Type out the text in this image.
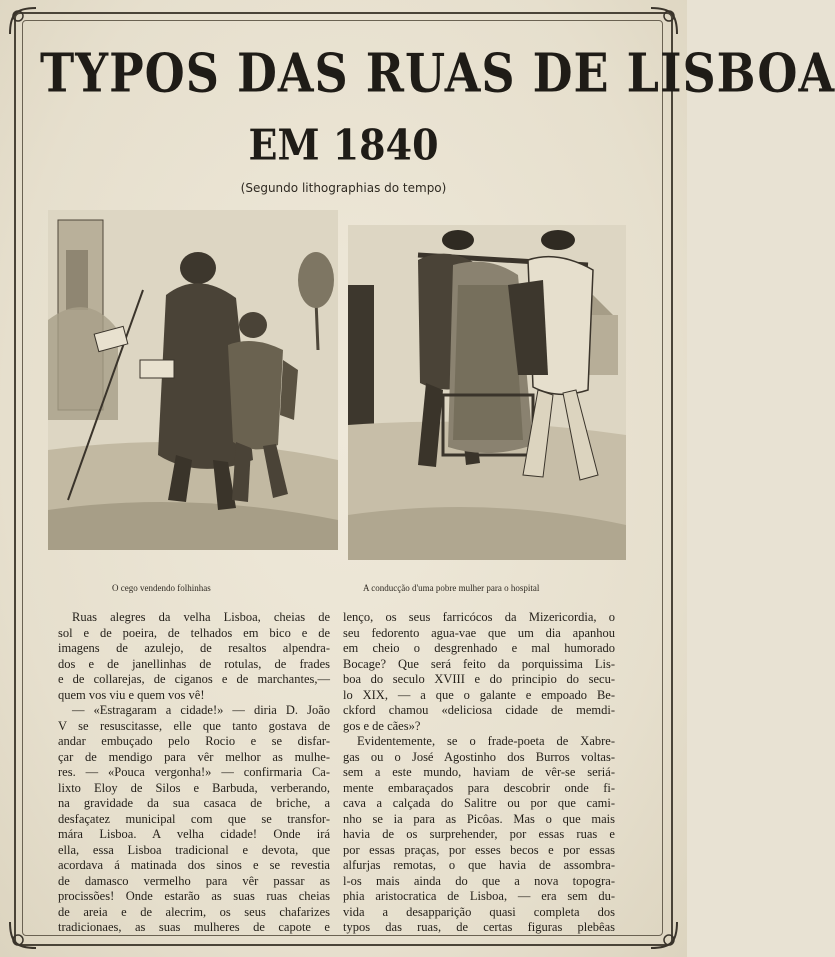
TYPOS DAS RUAS DE LISBOA
EM 1840
(Segundo lithographias do tempo)
O cego vendendo folhinhas	A conducção d'uma pobre mulher para o hospital
Ruas alegres da velha Lisboa, cheias de
sol e de poeira, de telhados em bico e de
imagens de azulejo, de resaltos alpendra-
dos e de janellinhas de rotulas, de frades
e de collarejas, de ciganos e de marchantes,—
quem vos viu e quem vos vê!
— «Estragaram a cidade!» — diria D. João
V se resuscitasse, elle que tanto gostava de
andar embuçado pelo Rocio e se disfar-
çar de mendigo para vêr melhor as mulhe-
res. — «Pouca vergonha!» — confirmaria Ca-
lixto Eloy de Silos e Barbuda, verberando,
na gravidade da sua casaca de briche, a
desfaçatez municipal com que se transfor-
mára Lisboa. A velha cidade! Onde irá
ella, essa Lisboa tradicional e devota, que
acordava á matinada dos sinos e se revestia
de damasco vermelho para vêr passar as
procissões! Onde estarão as suas ruas cheias
de areia e de alecrim, os seus chafarizes
tradicionaes, as suas mulheres de capote e
lenço, os seus farricócos da Mizericordia, o
seu fedorento agua-vae que um dia apanhou
em cheio o desgrenhado e mal humorado
Bocage? Que será feito da porquissima Lis-
boa do seculo XVIII e do principio do secu-
lo XIX, — a que o galante e empoado Be-
ckford chamou «deliciosa cidade de memdi-
gos e de cães»?
Evidentemente, se o frade-poeta de Xabre-
gas ou o José Agostinho dos Burros voltas-
sem a este mundo, haviam de vêr-se seriá-
mente embaraçados para descobrir onde fi-
cava a calçada do Salitre ou por que cami-
nho se ia para as Picôas. Mas o que mais
havia de os surprehender, por essas ruas e
por essas praças, por esses becos e por essas
alfurjas remotas, o que havia de assombra-
l-os mais ainda do que a nova topogra-
phia aristocratica de Lisboa, — era sem du-
vida a desapparição quasi completa dos
typos das ruas, de certas figuras plebêas
